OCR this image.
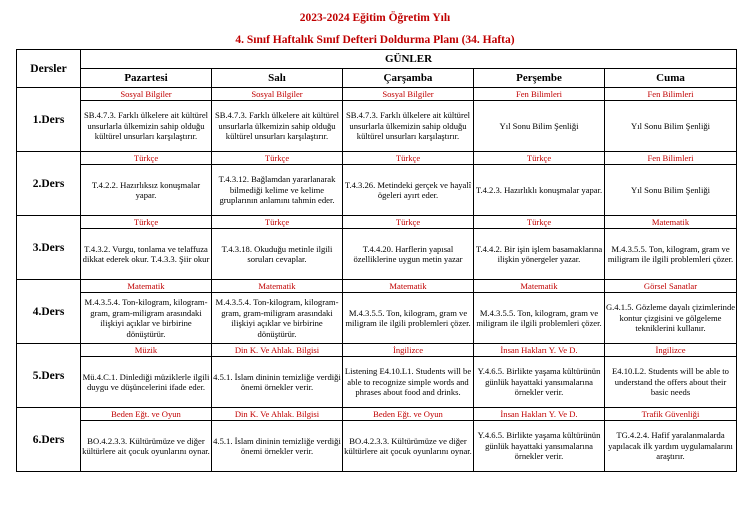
2023-2024 Eğitim Öğretim Yılı
4. Sınıf Haftalık Sınıf Defteri Doldurma Planı (34. Hafta)
Dersler	GÜNLER				
	Pazartesi	Salı	Çarşamba	Perşembe	Cuma
1.Ders	Sosyal Bilgiler	Sosyal Bilgiler	Sosyal Bilgiler	Fen Bilimleri	Fen Bilimleri
	SB.4.7.3. Farklı ülkelere ait kültürel unsurlarla ülkemizin sahip olduğu kültürel unsurları karşılaştırır.	SB.4.7.3. Farklı ülkelere ait kültürel unsurlarla ülkemizin sahip olduğu kültürel unsurları karşılaştırır.	SB.4.7.3. Farklı ülkelere ait kültürel unsurlarla ülkemizin sahip olduğu kültürel unsurları karşılaştırır.	Yıl Sonu Bilim Şenliği	Yıl Sonu Bilim Şenliği
2.Ders	Türkçe	Türkçe	Türkçe	Türkçe	Fen Bilimleri
	T.4.2.2. Hazırlıksız konuşmalar yapar.	T.4.3.12. Bağlamdan yararlanarak bilmediği kelime ve kelime gruplarının anlamını tahmin eder.	T.4.3.26. Metindeki gerçek ve hayalî ögeleri ayırt eder.	T.4.2.3. Hazırlıklı konuşmalar yapar.	Yıl Sonu Bilim Şenliği
3.Ders	Türkçe	Türkçe	Türkçe	Türkçe	Matematik
	T.4.3.2. Vurgu, tonlama ve telaffuza dikkat ederek okur. T.4.3.3. Şiir okur	T.4.3.18. Okuduğu metinle ilgili soruları cevaplar.	T.4.4.20. Harflerin yapısal özelliklerine uygun metin yazar	T.4.4.2. Bir işin işlem basamaklarına ilişkin yönergeler yazar.	M.4.3.5.5. Ton, kilogram, gram ve miligram ile ilgili problemleri çözer.
4.Ders	Matematik	Matematik	Matematik	Matematik	Görsel Sanatlar
	M.4.3.5.4. Ton-kilogram, kilogram-gram, gram-miligram arasındaki ilişkiyi açıklar ve birbirine dönüştürür.	M.4.3.5.4. Ton-kilogram, kilogram-gram, gram-miligram arasındaki ilişkiyi açıklar ve birbirine dönüştürür.	M.4.3.5.5. Ton, kilogram, gram ve miligram ile ilgili problemleri çözer.	M.4.3.5.5. Ton, kilogram, gram ve miligram ile ilgili problemleri çözer.	G.4.1.5. Gözleme dayalı çizimlerinde kontur çizgisini ve gölgeleme tekniklerini kullanır.
5.Ders	Müzik	Din K. Ve Ahlak. Bilgisi	İngilizce	İnsan Hakları Y. Ve D.	İngilizce
	Mü.4.C.1. Dinlediği müziklerle ilgili duygu ve düşüncelerini ifade eder.	4.5.1. İslam dininin temizliğe verdiği önemi örnekler verir.	Listening E4.10.L1. Students will be able to recognize simple words and phrases about food and drinks.	Y.4.6.5. Birlikte yaşama kültürünün günlük hayattaki yansımalarına örnekler verir.	E4.10.L2. Students will be able to understand the offers about their basic needs
6.Ders	Beden Eğt. ve Oyun	Din K. Ve Ahlak. Bilgisi	Beden Eğt. ve Oyun	İnsan Hakları Y. Ve D.	Trafik Güvenliği
	BO.4.2.3.3. Kültürümüze ve diğer kültürlere ait çocuk oyunlarını oynar.	4.5.1. İslam dininin temizliğe verdiği önemi örnekler verir.	BO.4.2.3.3. Kültürümüze ve diğer kültürlere ait çocuk oyunlarını oynar.	Y.4.6.5. Birlikte yaşama kültürünün günlük hayattaki yansımalarına örnekler verir.	TG.4.2.4. Hafif yaralanmalarda yapılacak ilk yardım uygulamalarını araştırır.
